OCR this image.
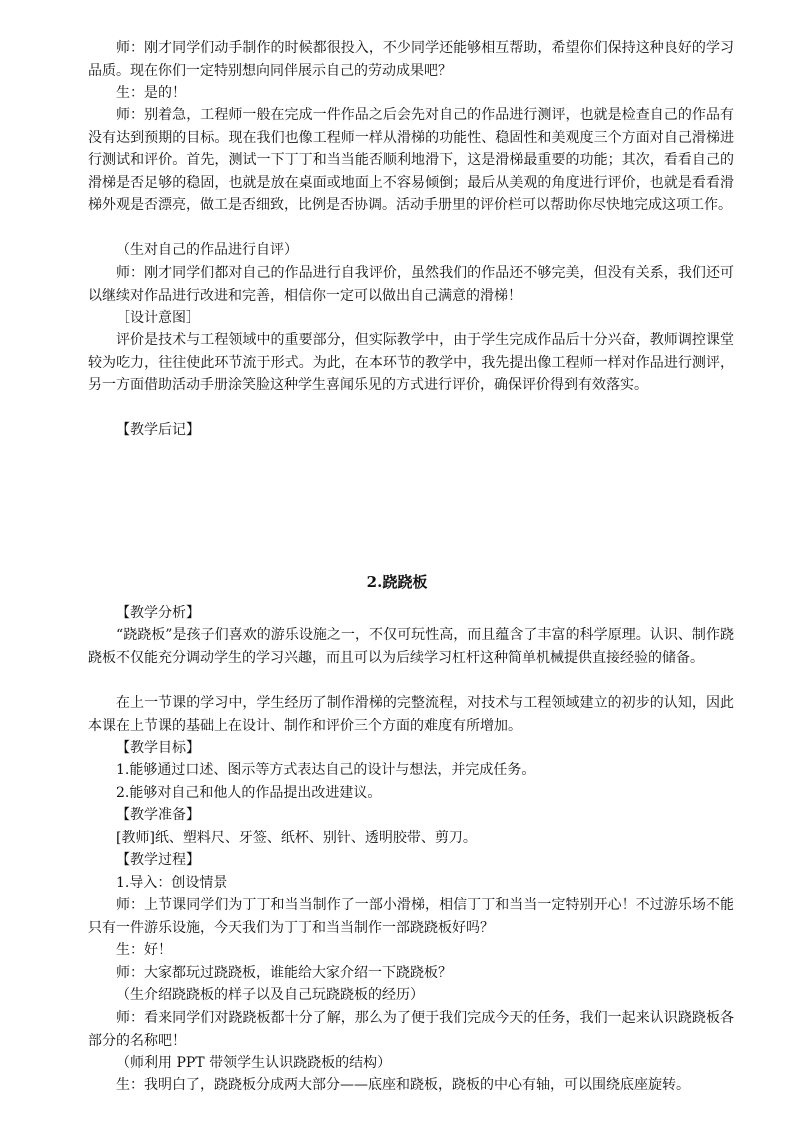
师：刚才同学们动手制作的时候都很投入，不少同学还能够相互帮助，希望你们保持这种良好的学习品质。现在你们一定特别想向同伴展示自己的劳动成果吧？

生：是的！

师：别着急，工程师一般在完成一件作品之后会先对自己的作品进行测评，也就是检查自己的作品有没有达到预期的目标。现在我们也像工程师一样从滑梯的功能性、稳固性和美观度三个方面对自己滑梯进行测试和评价。首先，测试一下丁丁和当当能否顺利地滑下，这是滑梯最重要的功能；其次，看看自己的滑梯是否足够的稳固，也就是放在桌面或地面上不容易倾倒；最后从美观的角度进行评价，也就是看看滑梯外观是否漂亮，做工是否细致，比例是否协调。活动手册里的评价栏可以帮助你尽快地完成这项工作。

（生对自己的作品进行自评）

师：刚才同学们都对自己的作品进行自我评价，虽然我们的作品还不够完美，但没有关系，我们还可以继续对作品进行改进和完善，相信你一定可以做出自己满意的滑梯！

［设计意图］

评价是技术与工程领域中的重要部分，但实际教学中，由于学生完成作品后十分兴奋，教师调控课堂较为吃力，往往使此环节流于形式。为此，在本环节的教学中，我先提出像工程师一样对作品进行测评，另一方面借助活动手册涂笑脸这种学生喜闻乐见的方式进行评价，确保评价得到有效落实。

【教学后记】

2.跷跷板

【教学分析】

“跷跷板”是孩子们喜欢的游乐设施之一，不仅可玩性高，而且蕴含了丰富的科学原理。认识、制作跷跷板不仅能充分调动学生的学习兴趣，而且可以为后续学习杠杆这种简单机械提供直接经验的储备。

在上一节课的学习中，学生经历了制作滑梯的完整流程，对技术与工程领域建立的初步的认知，因此本课在上节课的基础上在设计、制作和评价三个方面的难度有所增加。

【教学目标】

1.能够通过口述、图示等方式表达自己的设计与想法，并完成任务。

2.能够对自己和他人的作品提出改进建议。

【教学准备】

[教师]纸、塑料尺、牙签、纸杯、别针、透明胶带、剪刀。

【教学过程】

1.导入：创设情景

师：上节课同学们为丁丁和当当制作了一部小滑梯，相信丁丁和当当一定特别开心！不过游乐场不能只有一件游乐设施，今天我们为丁丁和当当制作一部跷跷板好吗？

生：好！

师：大家都玩过跷跷板，谁能给大家介绍一下跷跷板？

（生介绍跷跷板的样子以及自己玩跷跷板的经历）

师：看来同学们对跷跷板都十分了解，那么为了便于我们完成今天的任务，我们一起来认识跷跷板各部分的名称吧！

（师利用 PPT 带领学生认识跷跷板的结构）

生：我明白了，跷跷板分成两大部分——底座和跷板，跷板的中心有轴，可以围绕底座旋转。
